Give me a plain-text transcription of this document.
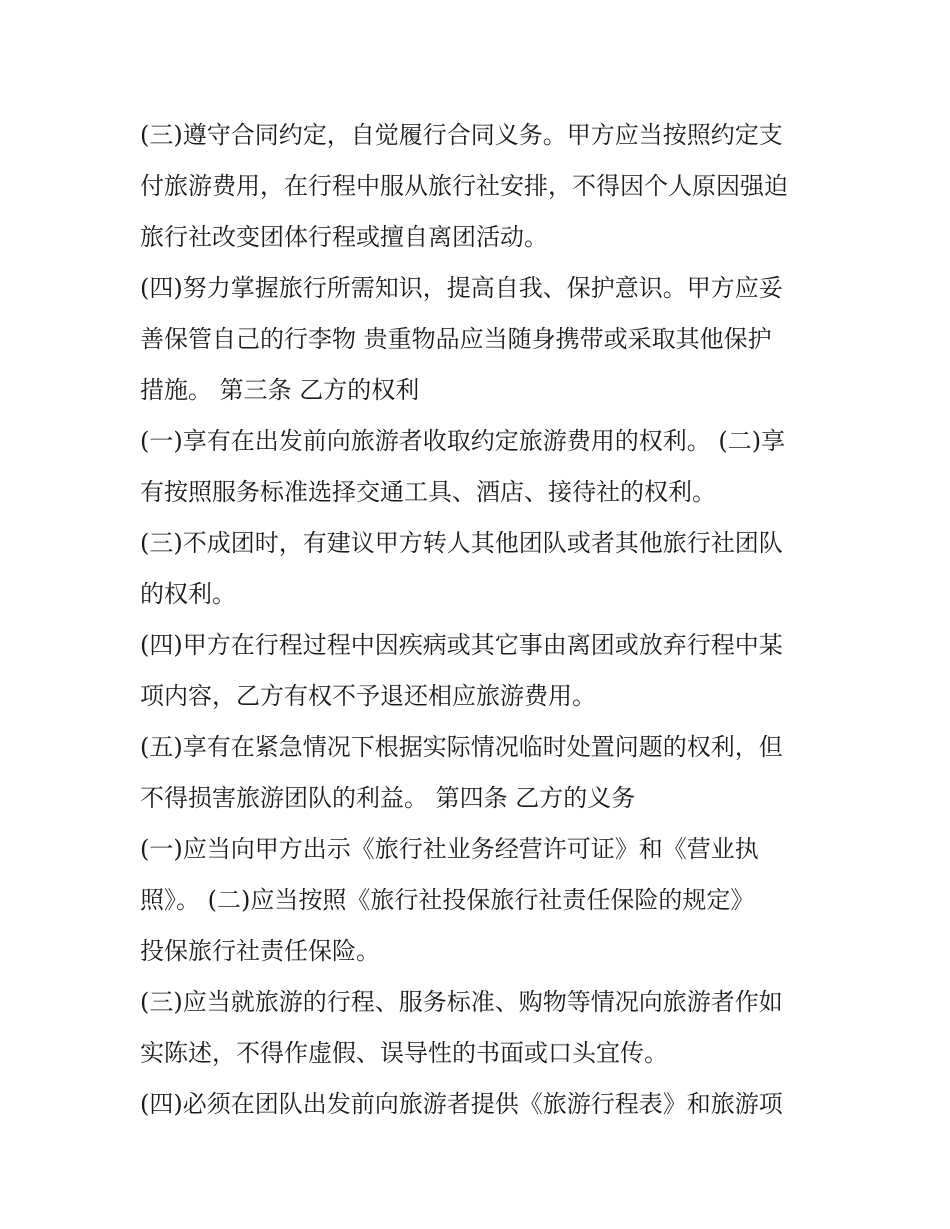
(三)遵守合同约定，自觉履行合同义务。甲方应当按照约定支
付旅游费用，在行程中服从旅行社安排，不得因个人原因强迫
旅行社改变团体行程或擅自离团活动。
(四)努力掌握旅行所需知识，提高自我、保护意识。甲方应妥
善保管自己的行李物 贵重物品应当随身携带或采取其他保护
措施。 第三条 乙方的权利
(一)享有在出发前向旅游者收取约定旅游费用的权利。 (二)享
有按照服务标准选择交通工具、酒店、接待社的权利。
(三)不成团时，有建议甲方转人其他团队或者其他旅行社团队
的权利。
(四)甲方在行程过程中因疾病或其它事由离团或放弃行程中某
项内容，乙方有权不予退还相应旅游费用。
(五)享有在紧急情况下根据实际情况临时处置问题的权利，但
不得损害旅游团队的利益。 第四条 乙方的义务
(一)应当向甲方出示《旅行社业务经营许可证》和《营业执
照》。 (二)应当按照《旅行社投保旅行社责任保险的规定》
投保旅行社责任保险。
(三)应当就旅游的行程、服务标准、购物等情况向旅游者作如
实陈述，不得作虚假、误导性的书面或口头宜传。
(四)必须在团队出发前向旅游者提供《旅游行程表》和旅游项
